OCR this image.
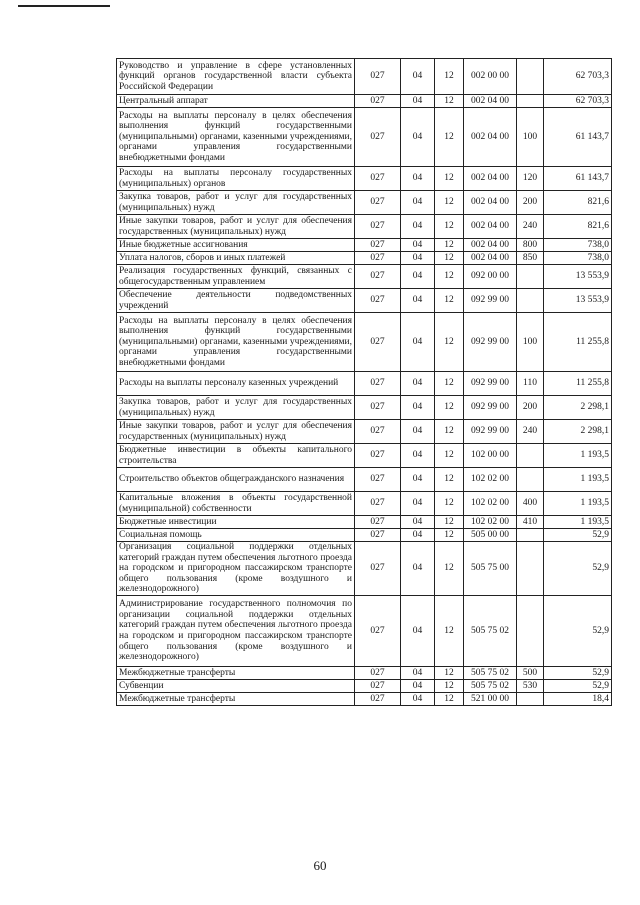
Руководство и управление в сфере установленных функций органов государственной власти субъекта Российской Федерации	027	04	12	002 00 00		62 703,3
Центральный аппарат	027	04	12	002 04 00		62 703,3
Расходы на выплаты персоналу в целях обеспечения выполнения функций государственными (муниципальными) органами, казенными учреждениями, органами управления государственными внебюджетными фондами	027	04	12	002 04 00	100	61 143,7
Расходы на выплаты персоналу государственных (муниципальных) органов	027	04	12	002 04 00	120	61 143,7
Закупка товаров, работ и услуг для государственных (муниципальных) нужд	027	04	12	002 04 00	200	821,6
Иные закупки товаров, работ и услуг для обеспечения государственных (муниципальных) нужд	027	04	12	002 04 00	240	821,6
Иные бюджетные ассигнования	027	04	12	002 04 00	800	738,0
Уплата налогов, сборов и иных платежей	027	04	12	002 04 00	850	738,0
Реализация государственных функций, связанных с общегосударственным управлением	027	04	12	092 00 00		13 553,9
Обеспечение деятельности подведомственных учреждений	027	04	12	092 99 00		13 553,9
Расходы на выплаты персоналу в целях обеспечения выполнения функций государственными (муниципальными) органами, казенными учреждениями, органами управления государственными внебюджетными фондами	027	04	12	092 99 00	100	11 255,8
Расходы на выплаты персоналу казенных учреждений	027	04	12	092 99 00	110	11 255,8
Закупка товаров, работ и услуг для государственных (муниципальных) нужд	027	04	12	092 99 00	200	2 298,1
Иные закупки товаров, работ и услуг для обеспечения государственных (муниципальных) нужд	027	04	12	092 99 00	240	2 298,1
Бюджетные инвестиции в объекты капитального строительства	027	04	12	102 00 00		1 193,5
Строительство объектов общегражданского назначения	027	04	12	102 02 00		1 193,5
Капитальные вложения в объекты государственной (муниципальной) собственности	027	04	12	102 02 00	400	1 193,5
Бюджетные инвестиции	027	04	12	102 02 00	410	1 193,5
Социальная помощь	027	04	12	505 00 00		52,9
Организация социальной поддержки отдельных категорий граждан путем обеспечения льготного проезда на городском и пригородном пассажирском транспорте общего пользования (кроме воздушного и железнодорожного)	027	04	12	505 75 00		52,9
Администрирование государственного полномочия по организации социальной поддержки отдельных категорий граждан путем обеспечения льготного проезда на городском и пригородном пассажирском транспорте общего пользования (кроме воздушного и железнодорожного)	027	04	12	505 75 02		52,9
Межбюджетные трансферты	027	04	12	505 75 02	500	52,9
Субвенции	027	04	12	505 75 02	530	52,9
Межбюджетные трансферты	027	04	12	521 00 00		18,4
60
